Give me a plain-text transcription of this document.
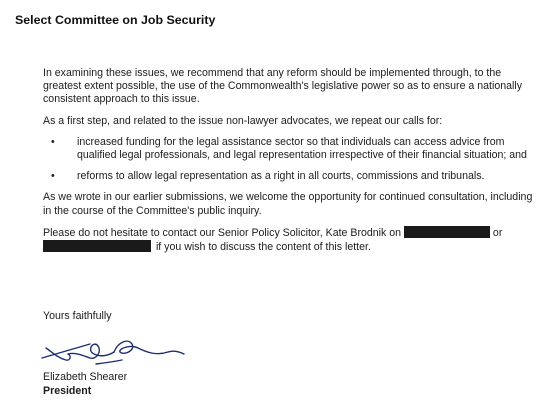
Select Committee on Job Security

In examining these issues, we recommend that any reform should be implemented through, to the greatest extent possible, the use of the Commonwealth's legislative power so as to ensure a nationally consistent approach to this issue.

As a first step, and related to the issue non-lawyer advocates, we repeat our calls for:

• increased funding for the legal assistance sector so that individuals can access advice from qualified legal professionals, and legal representation irrespective of their financial situation; and
• reforms to allow legal representation as a right in all courts, commissions and tribunals.

As we wrote in our earlier submissions, we welcome the opportunity for continued consultation, including in the course of the Committee's public inquiry.

Please do not hesitate to contact our Senior Policy Solicitor, Kate Brodnik on	or
if you wish to discuss the content of this letter.

Yours faithfully
Elizabeth Shearer
President
